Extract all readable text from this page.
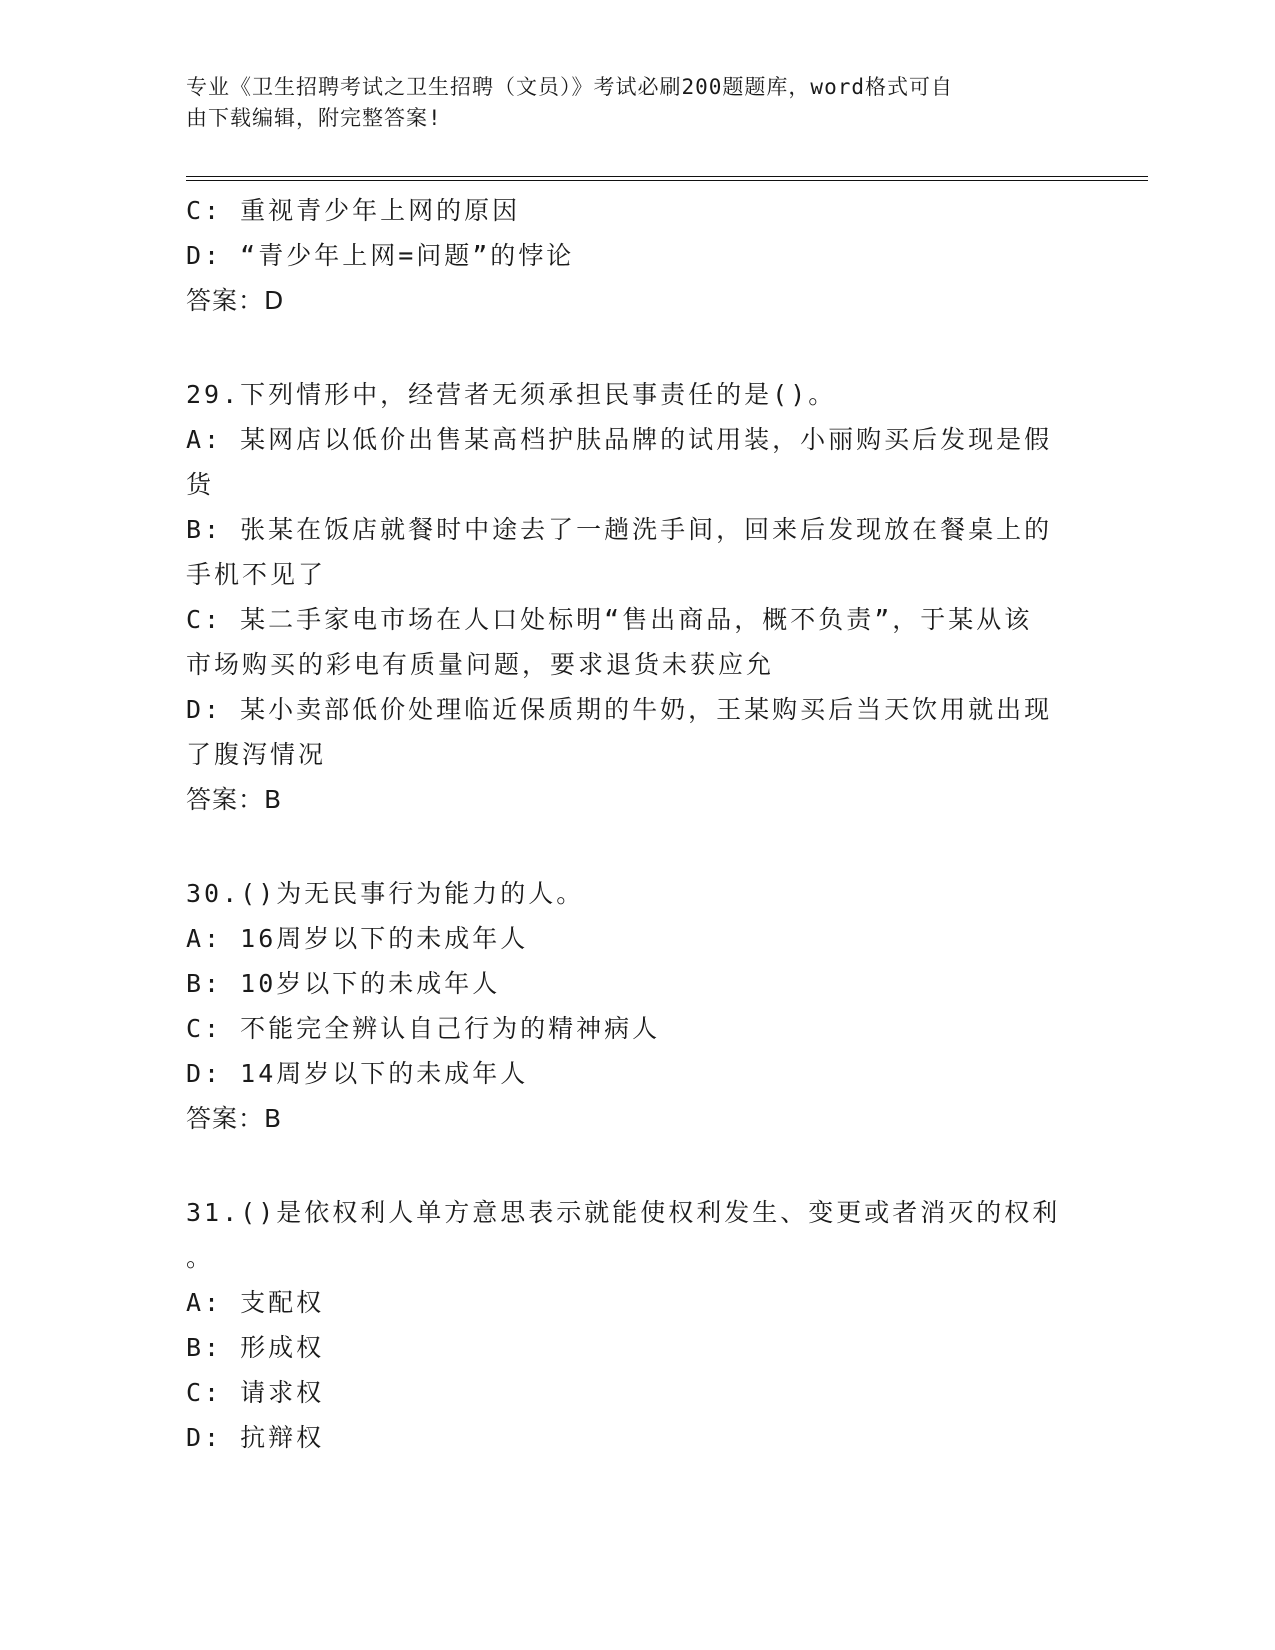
专业《卫生招聘考试之卫生招聘（文员）》考试必刷200题题库，word格式可自
由下载编辑，附完整答案!
C: 重视青少年上网的原因
D: “青少年上网=问题”的悖论
答案：D
29.下列情形中，经营者无须承担民事责任的是()。
A: 某网店以低价出售某高档护肤品牌的试用装，小丽购买后发现是假
货
B: 张某在饭店就餐时中途去了一趟洗手间，回来后发现放在餐桌上的
手机不见了
C: 某二手家电市场在人口处标明“售出商品，概不负责”，于某从该
市场购买的彩电有质量问题，要求退货未获应允
D: 某小卖部低价处理临近保质期的牛奶，王某购买后当天饮用就出现
了腹泻情况
答案：B
30.()为无民事行为能力的人。
A: 16周岁以下的未成年人
B: 10岁以下的未成年人
C: 不能完全辨认自己行为的精神病人
D: 14周岁以下的未成年人
答案：B
31.()是依权利人单方意思表示就能使权利发生、变更或者消灭的权利
。
A: 支配权
B: 形成权
C: 请求权
D: 抗辩权
